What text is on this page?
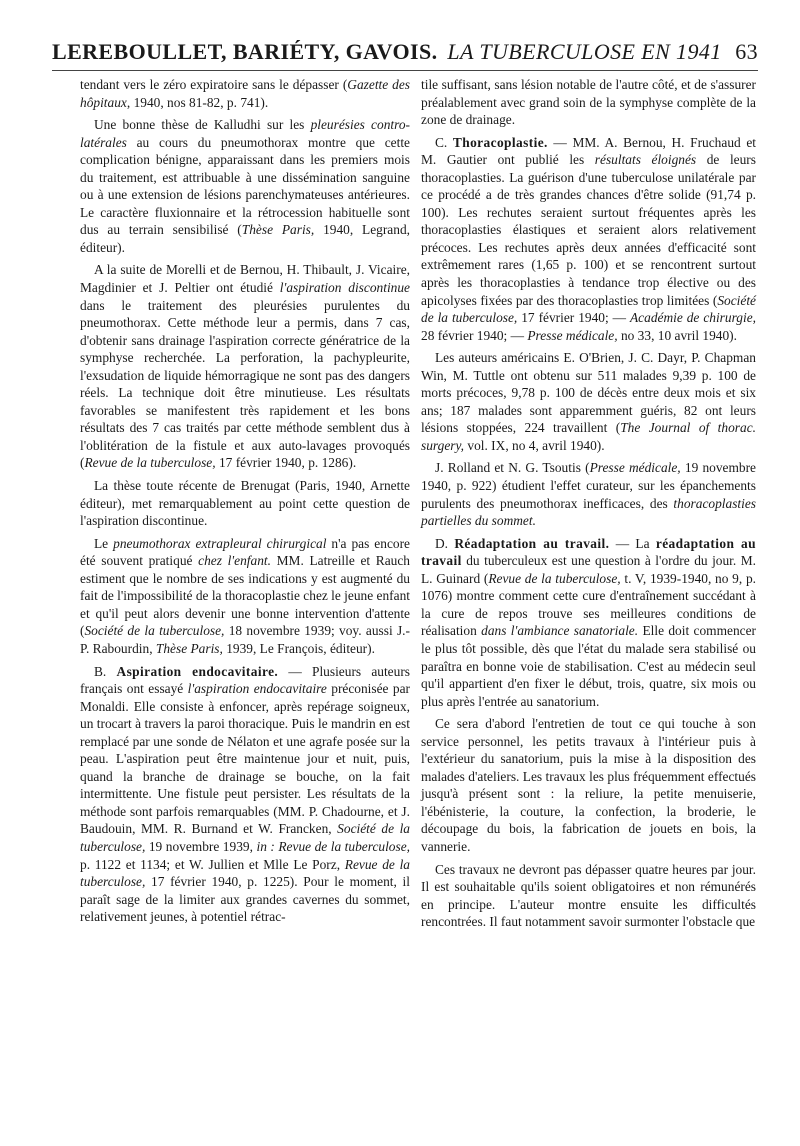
LEREBOULLET, BARIÉTY, GAVOIS. LA TUBERCULOSE EN 1941 63

tendant vers le zéro expiratoire sans le dépasser (Gazette des hôpitaux, 1940, nos 81-82, p. 741).

Une bonne thèse de Kalludhi sur les pleurésies contro-latérales au cours du pneumothorax montre que cette complication bénigne, apparaissant dans les premiers mois du traitement, est attribuable à une dissémination sanguine ou à une extension de lésions parenchymateuses antérieures. Le caractère fluxionnaire et la rétrocession habituelle sont dus au terrain sensibilisé (Thèse Paris, 1940, Legrand, éditeur).

A la suite de Morelli et de Bernou, H. Thibault, J. Vicaire, Magdinier et J. Peltier ont étudié l'aspiration discontinue dans le traitement des pleurésies purulentes du pneumothorax. Cette méthode leur a permis, dans 7 cas, d'obtenir sans drainage l'aspiration correcte génératrice de la symphyse recherchée. La perforation, la pachypleurite, l'exsudation de liquide hémorragique ne sont pas des dangers réels. La technique doit être minutieuse. Les résultats favorables se manifestent très rapidement et les bons résultats des 7 cas traités par cette méthode semblent dus à l'oblitération de la fistule et aux auto-lavages provoqués (Revue de la tuberculose, 17 février 1940, p. 1286).

La thèse toute récente de Brenugat (Paris, 1940, Arnette éditeur), met remarquablement au point cette question de l'aspiration discontinue.

Le pneumothorax extrapleural chirurgical n'a pas encore été souvent pratiqué chez l'enfant. MM. Latreille et Rauch estiment que le nombre de ses indications y est augmenté du fait de l'impossibilité de la thoracoplastie chez le jeune enfant et qu'il peut alors devenir une bonne intervention d'attente (Société de la tuberculose, 18 novembre 1939; voy. aussi J.-P. Rabourdin, Thèse Paris, 1939, Le François, éditeur).

B. Aspiration endocavitaire. — Plusieurs auteurs français ont essayé l'aspiration endocavitaire préconisée par Monaldi. Elle consiste à enfoncer, après repérage soigneux, un trocart à travers la paroi thoracique. Puis le mandrin en est remplacé par une sonde de Nélaton et une agrafe posée sur la peau. L'aspiration peut être maintenue jour et nuit, puis, quand la branche de drainage se bouche, on la fait intermittente. Une fistule peut persister. Les résultats de la méthode sont parfois remarquables (MM. P. Chadourne, et J. Baudouin, MM. R. Burnand et W. Francken, Société de la tuberculose, 19 novembre 1939, in : Revue de la tuberculose, p. 1122 et 1134; et W. Jullien et Mlle Le Porz, Revue de la tuberculose, 17 février 1940, p. 1225). Pour le moment, il paraît sage de la limiter aux grandes cavernes du sommet, relativement jeunes, à potentiel rétrac-

tile suffisant, sans lésion notable de l'autre côté, et de s'assurer préalablement avec grand soin de la symphyse complète de la zone de drainage.

C. Thoracoplastie. — MM. A. Bernou, H. Fruchaud et M. Gautier ont publié les résultats éloignés de leurs thoracoplasties. La guérison d'une tuberculose unilatérale par ce procédé a de très grandes chances d'être solide (91,74 p. 100). Les rechutes seraient surtout fréquentes après les thoracoplasties élastiques et seraient alors relativement précoces. Les rechutes après deux années d'efficacité sont extrêmement rares (1,65 p. 100) et se rencontrent surtout après les thoracoplasties à tendance trop élective ou des apicolyses fixées par des thoracoplasties trop limitées (Société de la tuberculose, 17 février 1940; — Académie de chirurgie, 28 février 1940; — Presse médicale, no 33, 10 avril 1940).

Les auteurs américains E. O'Brien, J. C. Dayr, P. Chapman Win, M. Tuttle ont obtenu sur 511 malades 9,39 p. 100 de morts précoces, 9,78 p. 100 de décès entre deux mois et six ans; 187 malades sont apparemment guéris, 82 ont leurs lésions stoppées, 224 travaillent (The Journal of thorac. surgery, vol. IX, no 4, avril 1940).

J. Rolland et N. G. Tsoutis (Presse médicale, 19 novembre 1940, p. 922) étudient l'effet curateur, sur les épanchements purulents des pneumothorax inefficaces, des thoracoplasties partielles du sommet.

D. Réadaptation au travail. — La réadaptation au travail du tuberculeux est une question à l'ordre du jour. M. L. Guinard (Revue de la tuberculose, t. V, 1939-1940, no 9, p. 1076) montre comment cette cure d'entraînement succédant à la cure de repos trouve ses meilleures conditions de réalisation dans l'ambiance sanatoriale. Elle doit commencer le plus tôt possible, dès que l'état du malade sera stabilisé ou paraîtra en bonne voie de stabilisation. C'est au médecin seul qu'il appartient d'en fixer le début, trois, quatre, six mois ou plus après l'entrée au sanatorium.

Ce sera d'abord l'entretien de tout ce qui touche à son service personnel, les petits travaux à l'intérieur puis à l'extérieur du sanatorium, puis la mise à la disposition des malades d'ateliers. Les travaux les plus fréquemment effectués jusqu'à présent sont : la reliure, la petite menuiserie, l'ébénisterie, la couture, la confection, la broderie, le découpage du bois, la fabrication de jouets en bois, la vannerie.

Ces travaux ne devront pas dépasser quatre heures par jour. Il est souhaitable qu'ils soient obligatoires et non rémunérés en principe. L'auteur montre ensuite les difficultés rencontrées. Il faut notamment savoir surmonter l'obstacle que
